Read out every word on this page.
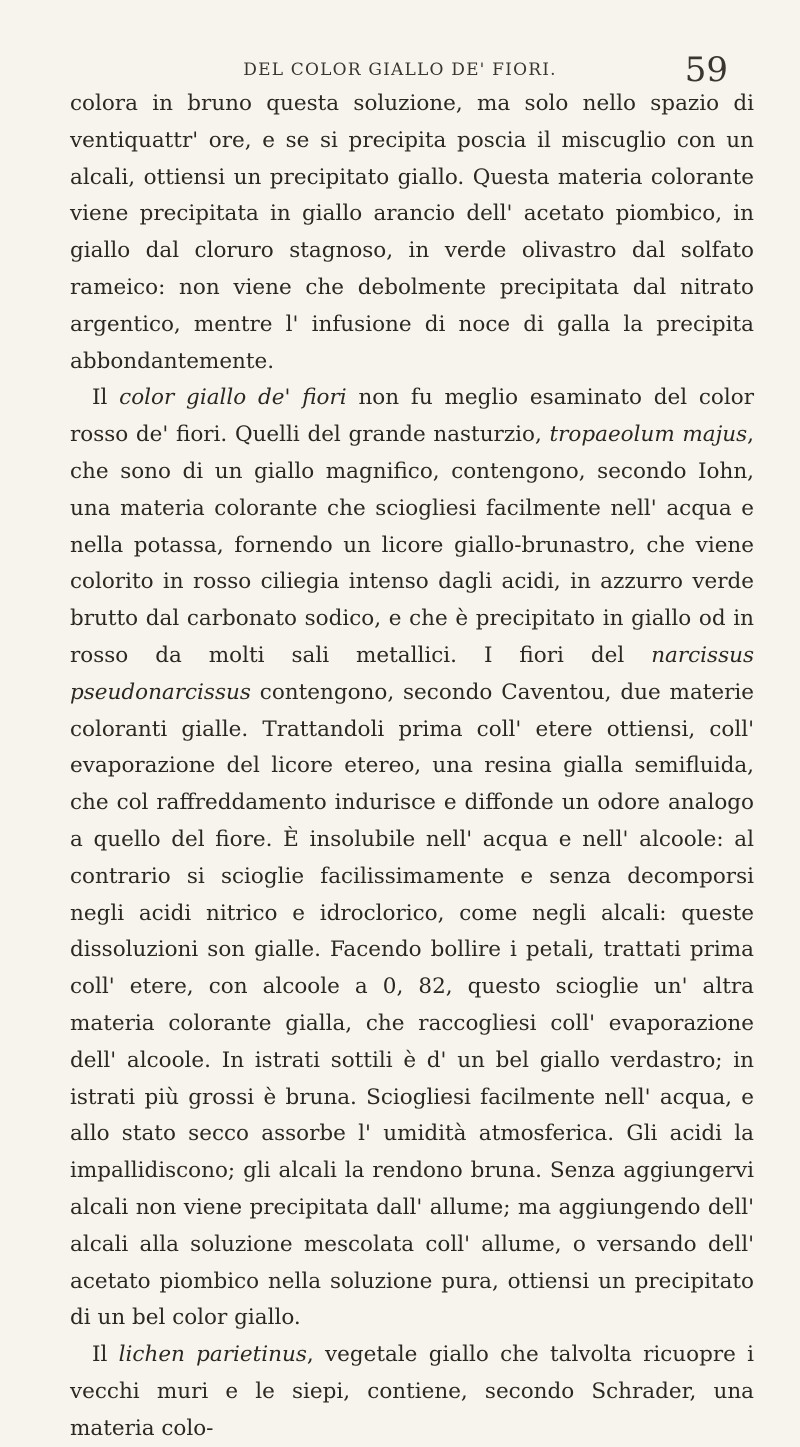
DEL COLOR GIALLO DE' FIORI.	59

colora in bruno questa soluzione, ma solo nello spazio di ventiquattr' ore, e se si precipita poscia il miscuglio con un alcali, ottiensi un precipitato giallo. Questa materia colorante viene precipitata in giallo arancio dell' acetato piombico, in giallo dal cloruro stagnoso, in verde olivastro dal solfato rameico: non viene che debolmente precipitata dal nitrato argentico, mentre l' infusione di noce di galla la precipita abbondantemente.

Il color giallo de' fiori non fu meglio esaminato del color rosso de' fiori. Quelli del grande nasturzio, tropaeolum majus, che sono di un giallo magnifico, contengono, secondo Iohn, una materia colorante che sciogliesi facilmente nell' acqua e nella potassa, fornendo un licore giallo-brunastro, che viene colorito in rosso ciliegia intenso dagli acidi, in azzurro verde brutto dal carbonato sodico, e che è precipitato in giallo od in rosso da molti sali metallici. I fiori del narcissus pseudonarcissus contengono, secondo Caventou, due materie coloranti gialle. Trattandoli prima coll' etere ottiensi, coll' evaporazione del licore etereo, una resina gialla semifluida, che col raffreddamento indurisce e diffonde un odore analogo a quello del fiore. È insolubile nell' acqua e nell' alcoole: al contrario si scioglie facilissimamente e senza decomporsi negli acidi nitrico e idroclorico, come negli alcali: queste dissoluzioni son gialle. Facendo bollire i petali, trattati prima coll' etere, con alcoole a 0, 82, questo scioglie un' altra materia colorante gialla, che raccogliesi coll' evaporazione dell' alcoole. In istrati sottili è d' un bel giallo verdastro; in istrati più grossi è bruna. Sciogliesi facilmente nell' acqua, e allo stato secco assorbe l' umidità atmosferica. Gli acidi la impallidiscono; gli alcali la rendono bruna. Senza aggiungervi alcali non viene precipitata dall' allume; ma aggiungendo dell' alcali alla soluzione mescolata coll' allume, o versando dell' acetato piombico nella soluzione pura, ottiensi un precipitato di un bel color giallo.

Il lichen parietinus, vegetale giallo che talvolta ricuopre i vecchi muri e le siepi, contiene, secondo Schrader, una materia colo-
